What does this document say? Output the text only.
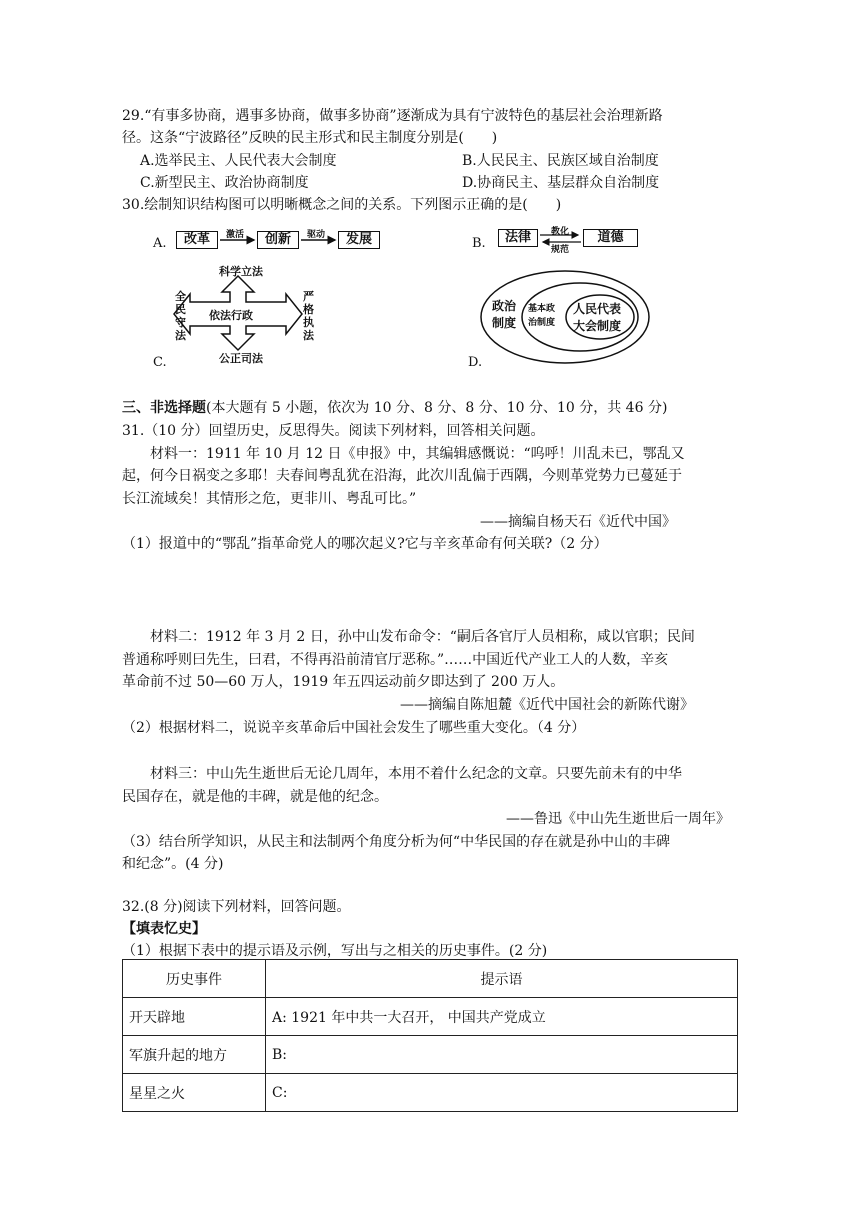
29.“有事多协商，遇事多协商，做事多协商”逐渐成为具有宁波特色的基层社会治理新路
径。这条“宁波路径”反映的民主形式和民主制度分别是(　　)
A.选举民主、人民代表大会制度	B.人民民主、民族区域自治制度
C.新型民主、政治协商制度	D.协商民主、基层群众自治制度
30.绘制知识结构图可以明晰概念之间的关系。下列图示正确的是(　　)
A.	改革	创新	发展
激活	驱动
B.	法律	道德
教化
规范
C.
科学立法
公正司法
依法行政
全民守法
严格执法
D.
政治
制度
基本政
治制度
人民代表
大会制度
三、非选择题(本大题有 5 小题，依次为 10 分、8 分、8 分、10 分、10 分，共 46 分)
31.（10 分）回望历史，反思得失。阅读下列材料，回答相关问题。
材料一：1911 年 10 月 12 日《申报》中，其编辑感慨说：“呜呼！川乱未已，鄂乱又
起，何今日祸变之多耶！夫春间粤乱犹在沿海，此次川乱偏于西隅，今则革党势力已蔓延于
长江流域矣！其情形之危，更非川、粤乱可比。”
——摘编自杨天石《近代中国》
（1）报道中的“鄂乱”指革命党人的哪次起义?它与辛亥革命有何关联?（2 分）
材料二：1912 年 3 月 2 日，孙中山发布命令：“嗣后各官厅人员相称，咸以官职；民间
普通称呼则曰先生，曰君，不得再沿前清官厅恶称。”……中国近代产业工人的人数，辛亥
革命前不过 50—60 万人，1919 年五四运动前夕即达到了 200 万人。
——摘编自陈旭麓《近代中国社会的新陈代谢》
（2）根据材料二，说说辛亥革命后中国社会发生了哪些重大变化。（4 分）
材料三：中山先生逝世后无论几周年，本用不着什么纪念的文章。只要先前未有的中华
民国存在，就是他的丰碑，就是他的纪念。
——鲁迅《中山先生逝世后一周年》
（3）结台所学知识，从民主和法制两个角度分析为何“中华民国的存在就是孙中山的丰碑
和纪念”。(4 分)
32.(8 分)阅读下列材料，回答问题。
【填表忆史】
（1）根据下表中的提示语及示例，写出与之相关的历史事件。(2 分)
历史事件	提示语
开天辟地	A: 1921 年中共一大召开， 中国共产党成立
军旗升起的地方	B:
星星之火	C:
